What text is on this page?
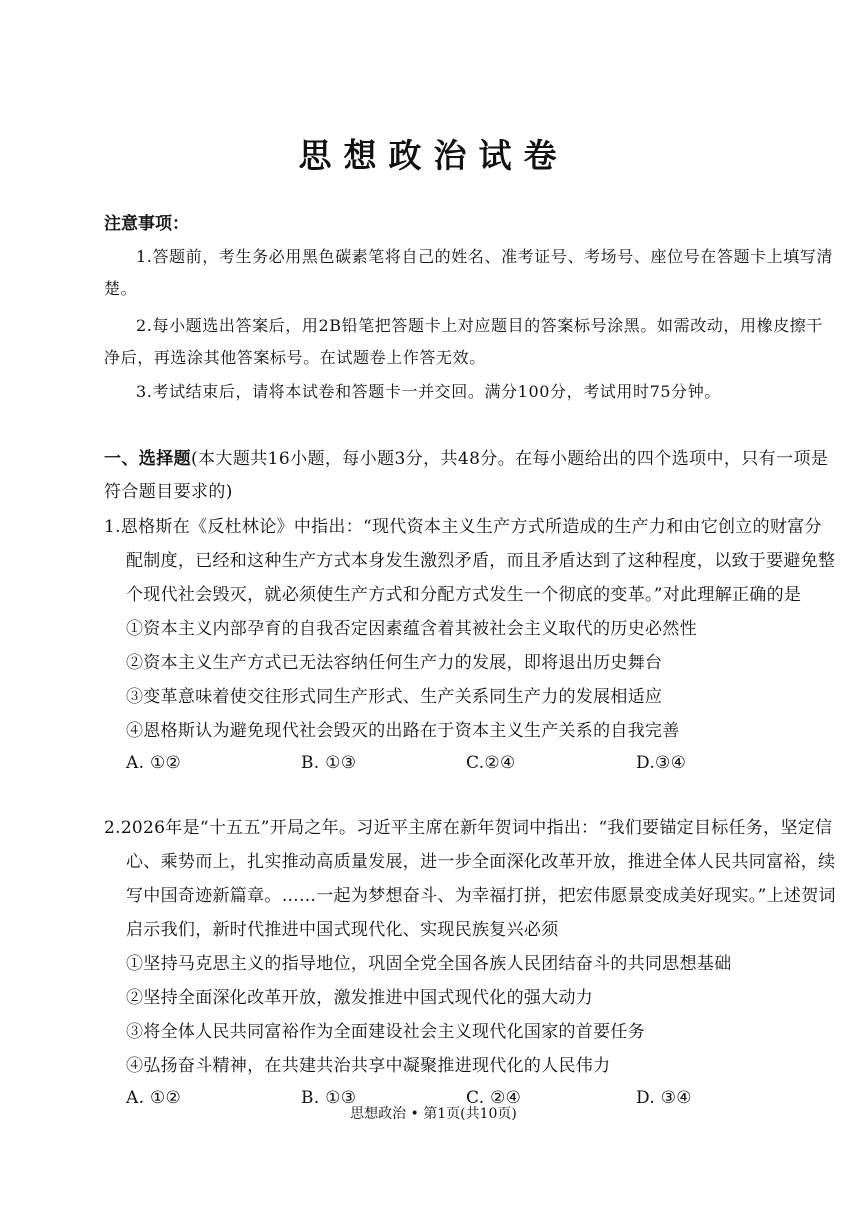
思想政治试卷
注意事项：
1.答题前，考生务必用黑色碳素笔将自己的姓名、准考证号、考场号、座位号在答题卡上填写清楚。
2.每小题选出答案后，用2B铅笔把答题卡上对应题目的答案标号涂黑。如需改动，用橡皮擦干净后，再选涂其他答案标号。在试题卷上作答无效。
3.考试结束后，请将本试卷和答题卡一并交回。满分100分，考试用时75分钟。
一、选择题(本大题共16小题，每小题3分，共48分。在每小题给出的四个选项中，只有一项是符合题目要求的)
1.恩格斯在《反杜林论》中指出：“现代资本主义生产方式所造成的生产力和由它创立的财富分配制度，已经和这种生产方式本身发生激烈矛盾，而且矛盾达到了这种程度，以致于要避免整个现代社会毁灭，就必须使生产方式和分配方式发生一个彻底的变革。”对此理解正确的是
①资本主义内部孕育的自我否定因素蕴含着其被社会主义取代的历史必然性
②资本主义生产方式已无法容纳任何生产力的发展，即将退出历史舞台
③变革意味着使交往形式同生产形式、生产关系同生产力的发展相适应
④恩格斯认为避免现代社会毁灭的出路在于资本主义生产关系的自我完善
A. ①②	B. ①③	C.②④	D.③④
2.2026年是“十五五”开局之年。习近平主席在新年贺词中指出：“我们要锚定目标任务，坚定信心、乘势而上，扎实推动高质量发展，进一步全面深化改革开放，推进全体人民共同富裕，续写中国奇迹新篇章。……一起为梦想奋斗、为幸福打拼，把宏伟愿景变成美好现实。”上述贺词启示我们，新时代推进中国式现代化、实现民族复兴必须
①坚持马克思主义的指导地位，巩固全党全国各族人民团结奋斗的共同思想基础
②坚持全面深化改革开放，激发推进中国式现代化的强大动力
③将全体人民共同富裕作为全面建设社会主义现代化国家的首要任务
④弘扬奋斗精神，在共建共治共享中凝聚推进现代化的人民伟力
A. ①②	B. ①③	C. ②④	D. ③④
思想政治 • 第1页(共10页)
